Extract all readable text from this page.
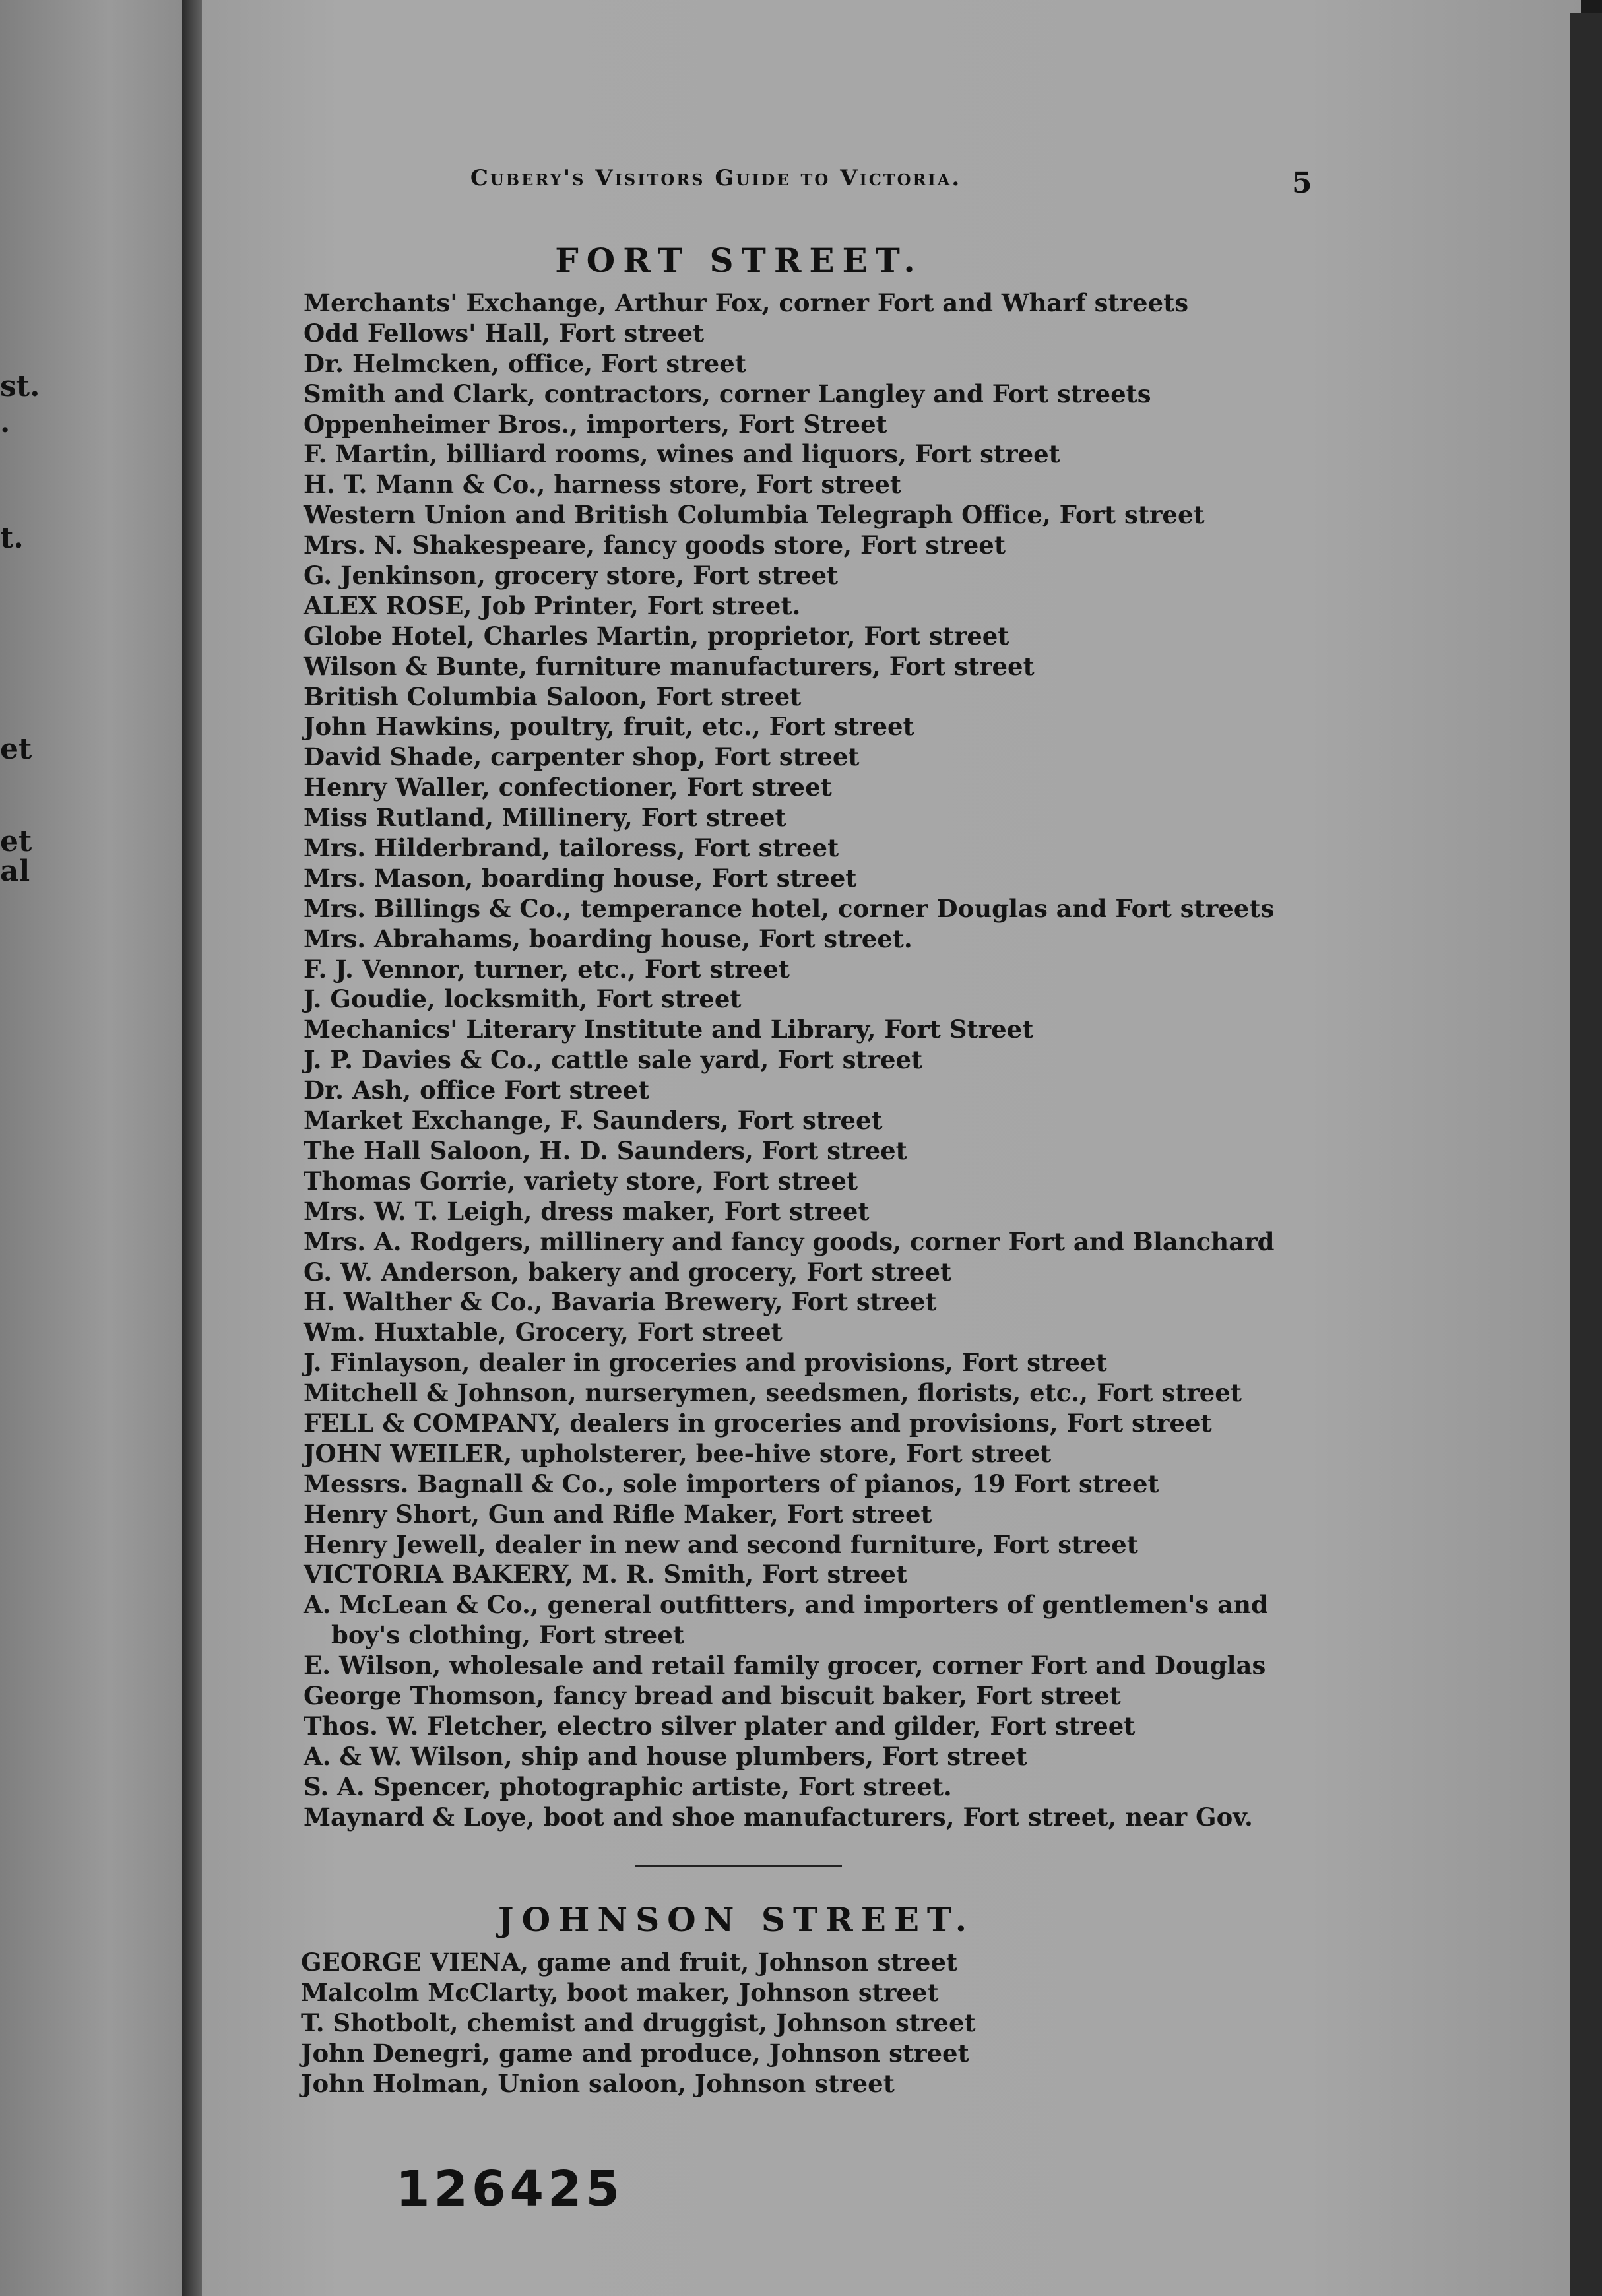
st.
.
t.
et
et
al
Cubery's Visitors Guide to Victoria.	5
FORT STREET.
Merchants' Exchange, Arthur Fox, corner Fort and Wharf streets
Odd Fellows' Hall, Fort street
Dr. Helmcken, office, Fort street
Smith and Clark, contractors, corner Langley and Fort streets
Oppenheimer Bros., importers, Fort Street
F. Martin, billiard rooms, wines and liquors, Fort street
H. T. Mann & Co., harness store, Fort street
Western Union and British Columbia Telegraph Office, Fort street
Mrs. N. Shakespeare, fancy goods store, Fort street
G. Jenkinson, grocery store, Fort street
ALEX ROSE, Job Printer, Fort street.
Globe Hotel, Charles Martin, proprietor, Fort street
Wilson & Bunte, furniture manufacturers, Fort street
British Columbia Saloon, Fort street
John Hawkins, poultry, fruit, etc., Fort street
David Shade, carpenter shop, Fort street
Henry Waller, confectioner, Fort street
Miss Rutland, Millinery, Fort street
Mrs. Hilderbrand, tailoress, Fort street
Mrs. Mason, boarding house, Fort street
Mrs. Billings & Co., temperance hotel, corner Douglas and Fort streets
Mrs. Abrahams, boarding house, Fort street.
F. J. Vennor, turner, etc., Fort street
J. Goudie, locksmith, Fort street
Mechanics' Literary Institute and Library, Fort Street
J. P. Davies & Co., cattle sale yard, Fort street
Dr. Ash, office Fort street
Market Exchange, F. Saunders, Fort street
The Hall Saloon, H. D. Saunders, Fort street
Thomas Gorrie, variety store, Fort street
Mrs. W. T. Leigh, dress maker, Fort street
Mrs. A. Rodgers, millinery and fancy goods, corner Fort and Blanchard
G. W. Anderson, bakery and grocery, Fort street
H. Walther & Co., Bavaria Brewery, Fort street
Wm. Huxtable, Grocery, Fort street
J. Finlayson, dealer in groceries and provisions, Fort street
Mitchell & Johnson, nurserymen, seedsmen, florists, etc., Fort street
FELL & COMPANY, dealers in groceries and provisions, Fort street
JOHN WEILER, upholsterer, bee-hive store, Fort street
Messrs. Bagnall & Co., sole importers of pianos, 19 Fort street
Henry Short, Gun and Rifle Maker, Fort street
Henry Jewell, dealer in new and second furniture, Fort street
VICTORIA BAKERY, M. R. Smith, Fort street
A. McLean & Co., general outfitters, and importers of gentlemen's and
boy's clothing, Fort street
E. Wilson, wholesale and retail family grocer, corner Fort and Douglas
George Thomson, fancy bread and biscuit baker, Fort street
Thos. W. Fletcher, electro silver plater and gilder, Fort street
A. & W. Wilson, ship and house plumbers, Fort street
S. A. Spencer, photographic artiste, Fort street.
Maynard & Loye, boot and shoe manufacturers, Fort street, near Gov.
JOHNSON STREET.
GEORGE VIENA, game and fruit, Johnson street
Malcolm McClarty, boot maker, Johnson street
T. Shotbolt, chemist and druggist, Johnson street
John Denegri, game and produce, Johnson street
John Holman, Union saloon, Johnson street
126425
